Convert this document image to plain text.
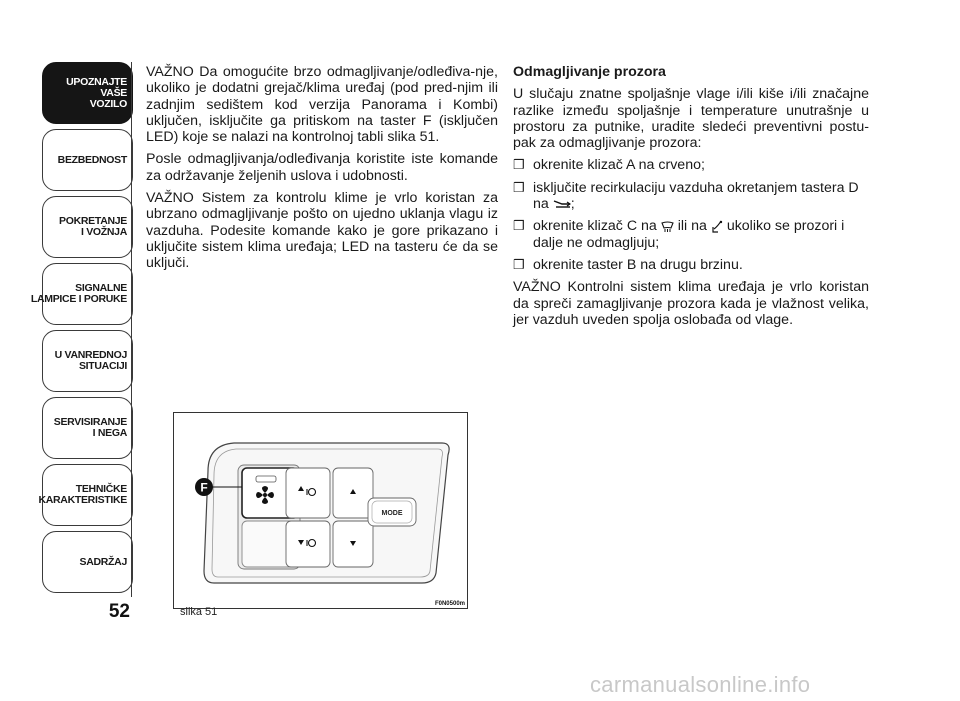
UPOZNAJTE
VAŠE
VOZILO
BEZBEDNOST
POKRETANJE
I VOŽNJA
SIGNALNE
LAMPICE I PORUKE
U VANREDNOJ
SITUACIJI
SERVISIRANJE
I NEGA
TEHNIČKE
KARAKTERISTIKE
SADRŽAJ
52

VAŽNO Da omogućite brzo odmagljivanje/odleđiva-nje, ukoliko je dodatni grejač/klima uređaj (pod pred-njim ili zadnjim sedištem kod verzija Panorama i Kombi) uključen, isključite ga pritiskom na taster F (isključen LED) koje se nalazi na kontrolnoj tabli slika 51.

Posle odmagljivanja/odleđivanja koristite iste komande za održavanje željenih uslova i udobnosti.

VAŽNO Sistem za kontrolu klime je vrlo koristan za ubrzano odmagljivanje pošto on ujedno uklanja vlagu iz vazduha. Podesite komande kako je gore prikazano i uključite sistem klima uređaja; LED na tasteru će da se uključi.

Odmagljivanje prozora

U slučaju znatne spoljašnje vlage i/ili kiše i/ili značajne razlike između spoljašnje i temperature unutrašnje u prostoru za putnike, uradite sledeći preventivni postu-pak za odmagljivanje prozora:

❒ okrenite klizač A na crveno;
❒ isključite recirkulaciju vazduha okretanjem tastera D na ;
❒ okrenite klizač C na ili na ukoliko se prozori i dalje ne odmagljuju;
❒ okrenite taster B na drugu brzinu.

VAŽNO Kontrolni sistem klima uređaja je vrlo koristan da spreči zamagljivanje prozora kada je vlažnost velika, jer vazduh uveden spolja oslobađa od vlage.

F
MODE
F0N0500m
slika 51
carmanualsonline.info
